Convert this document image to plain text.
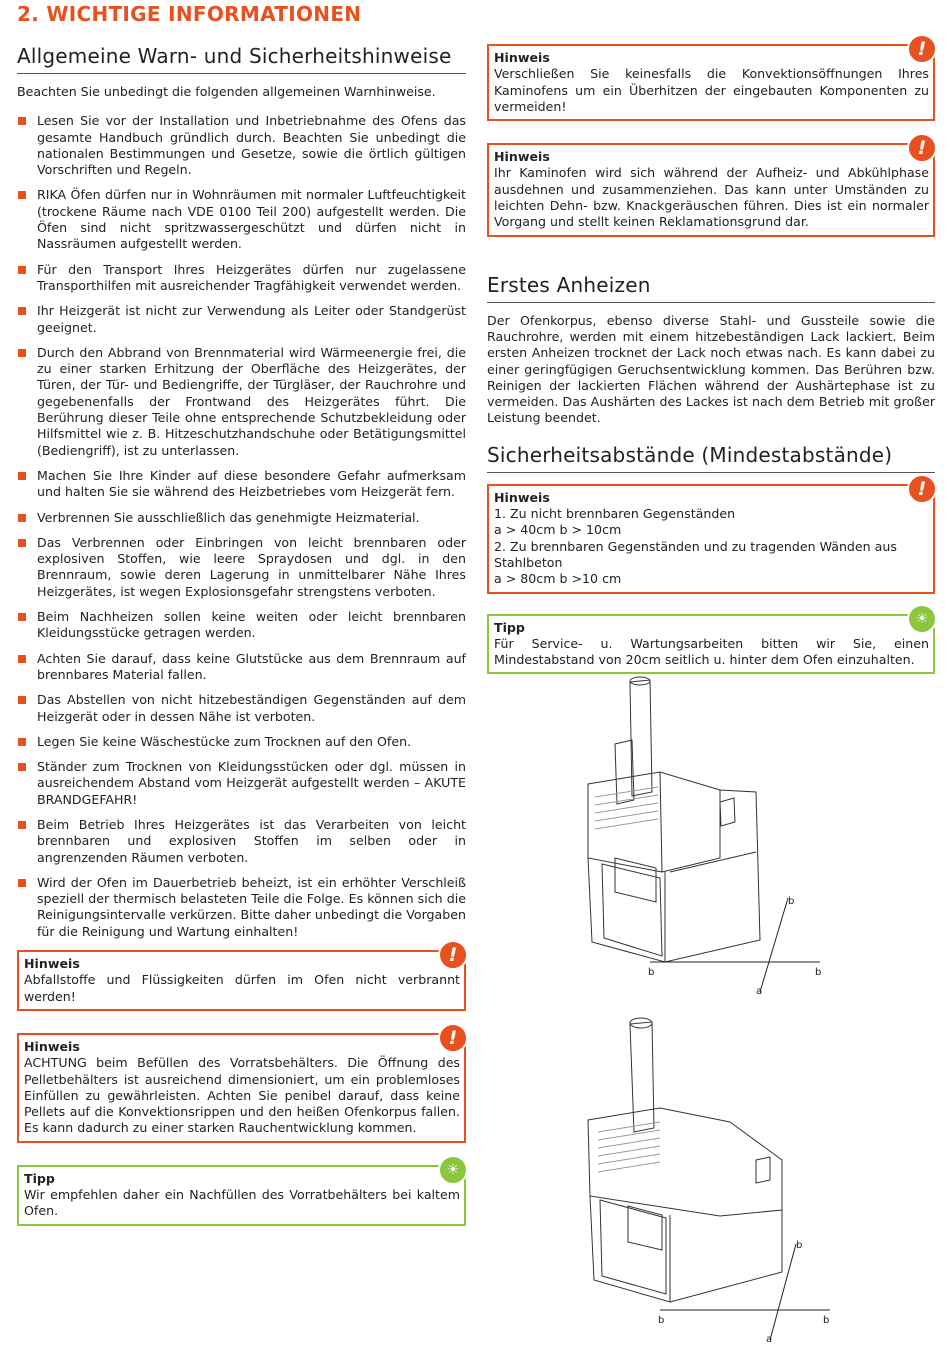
2. WICHTIGE INFORMATIONEN
Allgemeine Warn- und Sicherheitshinweise
Beachten Sie unbedingt die folgenden allgemeinen Warnhinweise.
Lesen Sie vor der Installation und Inbetriebnahme des Ofens das gesamte Handbuch gründlich durch. Beachten Sie unbedingt die nationalen Bestimmungen und Gesetze, sowie die örtlich gültigen Vorschriften und Regeln.
RIKA Öfen dürfen nur in Wohnräumen mit normaler Luftfeuchtigkeit (trockene Räume nach VDE 0100 Teil 200) aufgestellt werden. Die Öfen sind nicht spritzwassergeschützt und dürfen nicht in Nassräumen aufgestellt werden.
Für den Transport Ihres Heizgerätes dürfen nur zugelassene Transporthilfen mit ausreichender Tragfähigkeit verwendet werden.
Ihr Heizgerät ist nicht zur Verwendung als Leiter oder Standgerüst geeignet.
Durch den Abbrand von Brennmaterial wird Wärmeenergie frei, die zu einer starken Erhitzung der Oberfläche des Heizgerätes, der Türen, der Tür- und Bediengriffe, der Türgläser, der Rauchrohre und gegebenenfalls der Frontwand des Heizgerätes führt. Die Berührung dieser Teile ohne entsprechende Schutzbekleidung oder Hilfsmittel wie z. B. Hitzeschutzhandschuhe oder Betätigungsmittel (Bediengriff), ist zu unterlassen.
Machen Sie Ihre Kinder auf diese besondere Gefahr aufmerksam und halten Sie sie während des Heizbetriebes vom Heizgerät fern.
Verbrennen Sie ausschließlich das genehmigte Heizmaterial.
Das Verbrennen oder Einbringen von leicht brennbaren oder explosiven Stoffen, wie leere Spraydosen und dgl. in den Brennraum, sowie deren Lagerung in unmittelbarer Nähe Ihres Heizgerätes, ist wegen Explosionsgefahr strengstens verboten.
Beim Nachheizen sollen keine weiten oder leicht brennbaren Kleidungsstücke getragen werden.
Achten Sie darauf, dass keine Glutstücke aus dem Brennraum auf brennbares Material fallen.
Das Abstellen von nicht hitzebeständigen Gegenständen auf dem Heizgerät oder in dessen Nähe ist verboten.
Legen Sie keine Wäschestücke zum Trocknen auf den Ofen.
Ständer zum Trocknen von Kleidungsstücken oder dgl. müssen in ausreichendem Abstand vom Heizgerät aufgestellt werden – AKUTE BRANDGEFAHR!
Beim Betrieb Ihres Heizgerätes ist das Verarbeiten von leicht brennbaren und explosiven Stoffen im selben oder in angrenzenden Räumen verboten.
Wird der Ofen im Dauerbetrieb beheizt, ist ein erhöhter Verschleiß speziell der thermisch belasteten Teile die Folge. Es können sich die Reinigungsintervalle verkürzen. Bitte daher unbedingt die Vorgaben für die Reinigung und Wartung einhalten!
!
Hinweis
Abfallstoffe und Flüssigkeiten dürfen im Ofen nicht verbrannt werden!
!
Hinweis
ACHTUNG beim Befüllen des Vorratsbehälters. Die Öffnung des Pelletbehälters ist ausreichend dimensioniert, um ein problemloses Einfüllen zu gewährleisten. Achten Sie penibel darauf, dass keine Pellets auf die Konvektionsrippen und den heißen Ofenkorpus fallen. Es kann dadurch zu einer starken Rauchentwicklung kommen.
☀
Tipp
Wir empfehlen daher ein Nachfüllen des Vorratbehälters bei kaltem Ofen.
!
Hinweis
Verschließen Sie keinesfalls die Konvektionsöffnungen Ihres Kaminofens um ein Überhitzen der eingebauten Komponenten zu vermeiden!
!
Hinweis
Ihr Kaminofen wird sich während der Aufheiz- und Abkühlphase ausdehnen und zusammenziehen. Das kann unter Umständen zu leichten Dehn- bzw. Knackgeräuschen führen. Dies ist ein normaler Vorgang und stellt keinen Reklamationsgrund dar.
Erstes Anheizen
Der Ofenkorpus, ebenso diverse Stahl- und Gussteile sowie die Rauchrohre, werden mit einem hitzebeständigen Lack lackiert. Beim ersten Anheizen trocknet der Lack noch etwas nach. Es kann dabei zu einer geringfügigen Geruchsentwicklung kommen. Das Berühren bzw. Reinigen der lackierten Flächen während der Aushärtephase ist zu vermeiden. Das Aushärten des Lackes ist nach dem Betrieb mit großer Leistung beendet.
Sicherheitsabstände (Mindestabstände)
!
Hinweis
1. Zu nicht brennbaren Gegenständen
a > 40cm b > 10cm
2. Zu brennbaren Gegenständen und zu tragenden Wänden aus Stahlbeton
a > 80cm b >10 cm
☀
Tipp
Für Service- u. Wartungsarbeiten bitten wir Sie, einen Mindestabstand von 20cm seitlich u. hinter dem Ofen einzuhalten.
b	b
b
a
b	b
b
a
